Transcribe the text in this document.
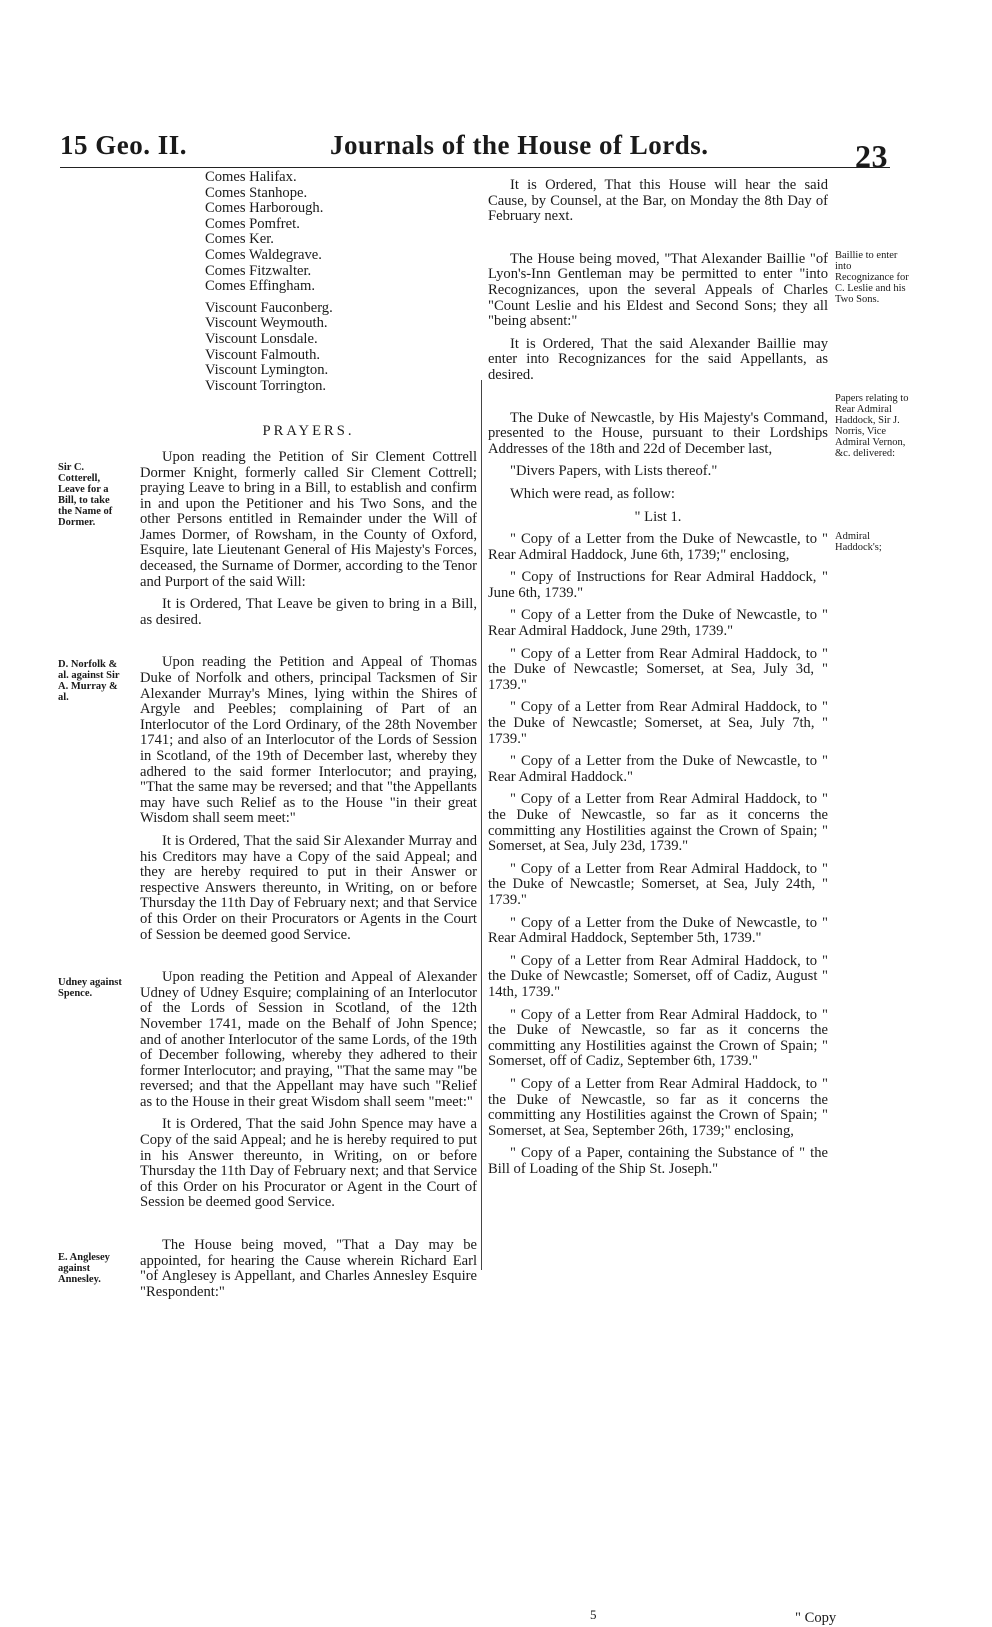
15 Geo. II.	Journals of the House of Lords.	23
Sir C. Cotterell, Leave for a Bill, to take the Name of Dormer.
D. Norfolk & al. against Sir A. Murray & al.
Udney against Spence.
E. Anglesey against Annesley.
Baillie to enter into Recognizance for C. Leslie and his Two Sons.
Papers relating to Rear Admiral Haddock, Sir J. Norris, Vice Admiral Vernon, &c. delivered:
Admiral Haddock's;
Comes Halifax.
Comes Stanhope.
Comes Harborough.
Comes Pomfret.
Comes Ker.
Comes Waldegrave.
Comes Fitzwalter.
Comes Effingham.
Viscount Fauconberg.
Viscount Weymouth.
Viscount Lonsdale.
Viscount Falmouth.
Viscount Lymington.
Viscount Torrington.
PRAYERS.

Upon reading the Petition of Sir Clement Cottrell Dormer Knight, formerly called Sir Clement Cottrell; praying Leave to bring in a Bill, to establish and confirm in and upon the Petitioner and his Two Sons, and the other Persons entitled in Remainder under the Will of James Dormer, of Rowsham, in the County of Oxford, Esquire, late Lieutenant General of His Majesty's Forces, deceased, the Surname of Dormer, according to the Tenor and Purport of the said Will:

It is Ordered, That Leave be given to bring in a Bill, as desired.

Upon reading the Petition and Appeal of Thomas Duke of Norfolk and others, principal Tacksmen of Sir Alexander Murray's Mines, lying within the Shires of Argyle and Peebles; complaining of Part of an Interlocutor of the Lord Ordinary, of the 28th November 1741; and also of an Interlocutor of the Lords of Session in Scotland, of the 19th of December last, whereby they adhered to the said former Interlocutor; and praying, "That the same may be reversed; and that "the Appellants may have such Relief as to the House "in their great Wisdom shall seem meet:"

It is Ordered, That the said Sir Alexander Murray and his Creditors may have a Copy of the said Appeal; and they are hereby required to put in their Answer or respective Answers thereunto, in Writing, on or before Thursday the 11th Day of February next; and that Service of this Order on their Procurators or Agents in the Court of Session be deemed good Service.

Upon reading the Petition and Appeal of Alexander Udney of Udney Esquire; complaining of an Interlocutor of the Lords of Session in Scotland, of the 12th November 1741, made on the Behalf of John Spence; and of another Interlocutor of the same Lords, of the 19th of December following, whereby they adhered to their former Interlocutor; and praying, "That the same may "be reversed; and that the Appellant may have such "Relief as to the House in their great Wisdom shall seem "meet:"

It is Ordered, That the said John Spence may have a Copy of the said Appeal; and he is hereby required to put in his Answer thereunto, in Writing, on or before Thursday the 11th Day of February next; and that Service of this Order on his Procurator or Agent in the Court of Session be deemed good Service.

The House being moved, "That a Day may be appointed, for hearing the Cause wherein Richard Earl "of Anglesey is Appellant, and Charles Annesley Esquire "Respondent:"

It is Ordered, That this House will hear the said Cause, by Counsel, at the Bar, on Monday the 8th Day of February next.

The House being moved, "That Alexander Baillie "of Lyon's-Inn Gentleman may be permitted to enter "into Recognizances, upon the several Appeals of Charles "Count Leslie and his Eldest and Second Sons; they all "being absent:"

It is Ordered, That the said Alexander Baillie may enter into Recognizances for the said Appellants, as desired.

The Duke of Newcastle, by His Majesty's Command, presented to the House, pursuant to their Lordships Addresses of the 18th and 22d of December last,

"Divers Papers, with Lists thereof."

Which were read, as follow:

" List 1.

" Copy of a Letter from the Duke of Newcastle, to " Rear Admiral Haddock, June 6th, 1739;" enclosing,

" Copy of Instructions for Rear Admiral Haddock, " June 6th, 1739."

" Copy of a Letter from the Duke of Newcastle, to " Rear Admiral Haddock, June 29th, 1739."

" Copy of a Letter from Rear Admiral Haddock, to " the Duke of Newcastle; Somerset, at Sea, July 3d, " 1739."

" Copy of a Letter from Rear Admiral Haddock, to " the Duke of Newcastle; Somerset, at Sea, July 7th, " 1739."

" Copy of a Letter from the Duke of Newcastle, to " Rear Admiral Haddock."

" Copy of a Letter from Rear Admiral Haddock, to " the Duke of Newcastle, so far as it concerns the committing any Hostilities against the Crown of Spain; " Somerset, at Sea, July 23d, 1739."

" Copy of a Letter from Rear Admiral Haddock, to " the Duke of Newcastle; Somerset, at Sea, July 24th, " 1739."

" Copy of a Letter from the Duke of Newcastle, to " Rear Admiral Haddock, September 5th, 1739."

" Copy of a Letter from Rear Admiral Haddock, to " the Duke of Newcastle; Somerset, off of Cadiz, August " 14th, 1739."

" Copy of a Letter from Rear Admiral Haddock, to " the Duke of Newcastle, so far as it concerns the committing any Hostilities against the Crown of Spain; " Somerset, off of Cadiz, September 6th, 1739."

" Copy of a Letter from Rear Admiral Haddock, to " the Duke of Newcastle, so far as it concerns the committing any Hostilities against the Crown of Spain; " Somerset, at Sea, September 26th, 1739;" enclosing,

" Copy of a Paper, containing the Substance of " the Bill of Loading of the Ship St. Joseph."

5	" Copy
